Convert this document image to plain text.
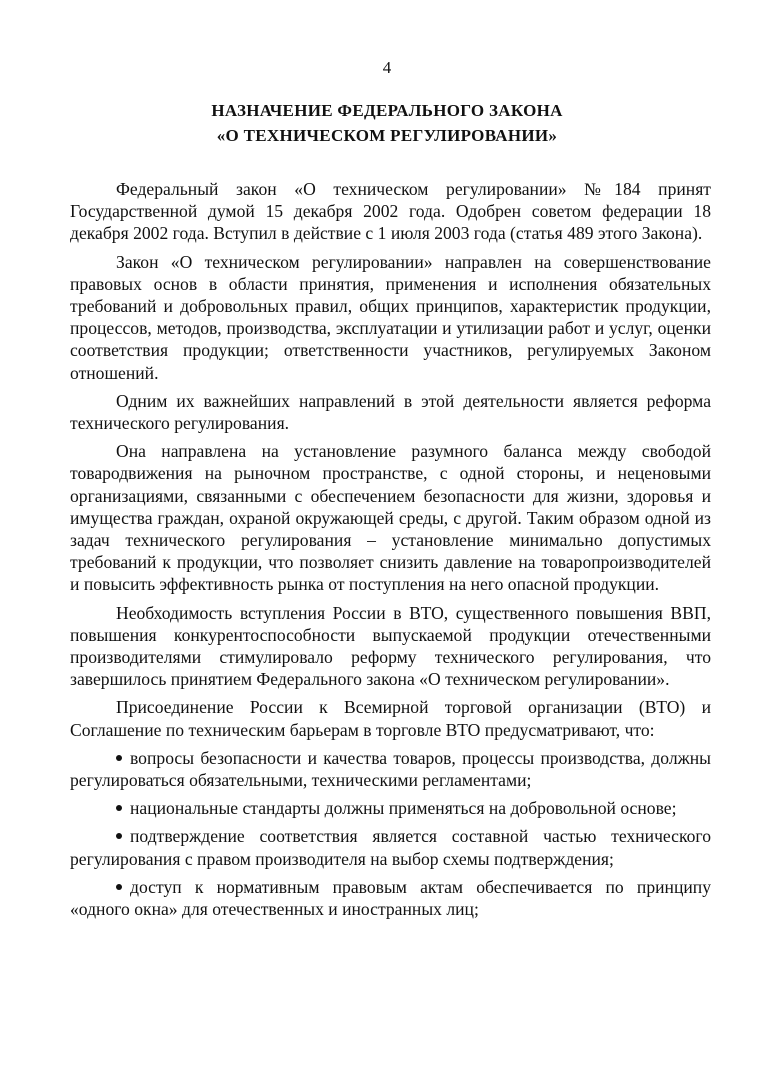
4
НАЗНАЧЕНИЕ ФЕДЕРАЛЬНОГО ЗАКОНА
«О ТЕХНИЧЕСКОМ РЕГУЛИРОВАНИИ»

Федеральный закон «О техническом регулировании» №184 принят Государственной думой 15 декабря 2002 года. Одобрен советом федерации 18 декабря 2002 года. Вступил в действие с 1 июля 2003 года (статья 489 этого Закона).

Закон «О техническом регулировании» направлен на совершенствование правовых основ в области принятия, применения и исполнения обязательных требований и добровольных правил, общих принципов, характеристик продукции, процессов, методов, производства, эксплуатации и утилизации работ и услуг, оценки соответствия продукции; ответственности участников, регулируемых Законом отношений.

Одним их важнейших направлений в этой деятельности является реформа технического регулирования.

Она направлена на установление разумного баланса между свободой товародвижения на рыночном пространстве, с одной стороны, и неценовыми организациями, связанными с обеспечением безопасности для жизни, здоровья и имущества граждан, охраной окружающей среды, с другой. Таким образом одной из задач технического регулирования – установление минимально допустимых требований к продукции, что позволяет снизить давление на товаропроизводителей и повысить эффективность рынка от поступления на него опасной продукции.

Необходимость вступления России в ВТО, существенного повышения ВВП, повышения конкурентоспособности выпускаемой продукции отечественными производителями стимулировало реформу технического регулирования, что завершилось принятием Федерального закона «О техническом регулировании».

Присоединение России к Всемирной торговой организации (ВТО) и Соглашение по техническим барьерам в торговле ВТО предусматривают, что:

вопросы безопасности и качества товаров, процессы производства, должны регулироваться обязательными, техническими регламентами;

национальные стандарты должны применяться на добровольной основе;

подтверждение соответствия является составной частью технического регулирования с правом производителя на выбор схемы подтверждения;

доступ к нормативным правовым актам обеспечивается по принципу «одного окна» для отечественных и иностранных лиц;
